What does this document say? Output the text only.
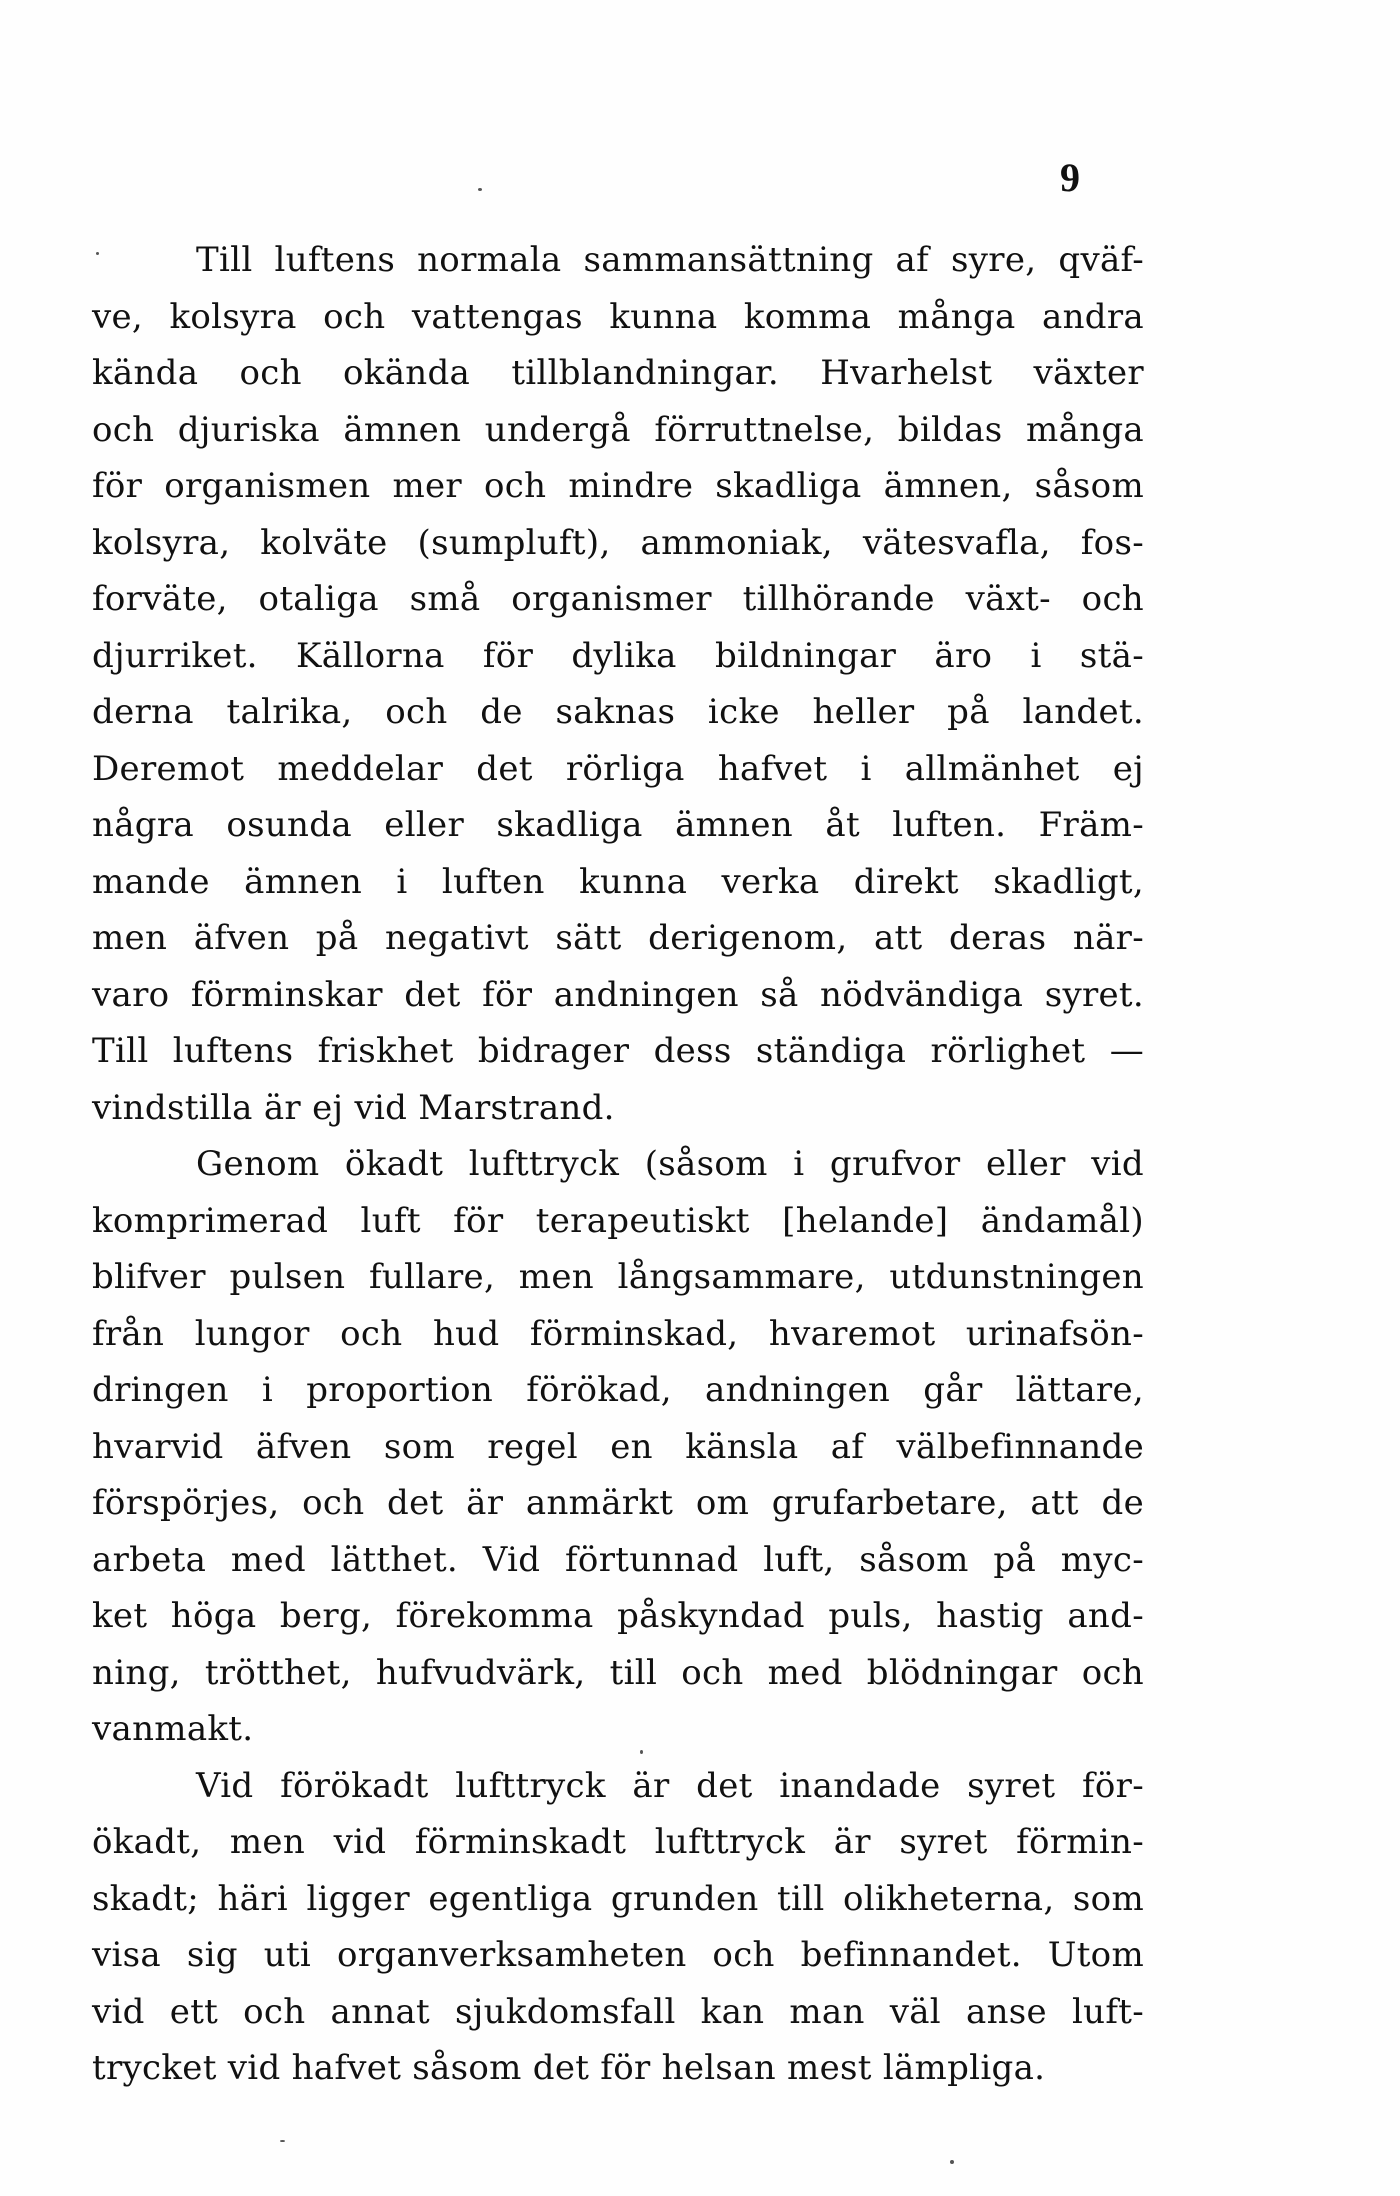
9
Till luftens normala sammansättning af syre, qväf-
ve, kolsyra och vattengas kunna komma många andra
kända och okända tillblandningar. Hvarhelst växter
och djuriska ämnen undergå förruttnelse, bildas många
för organismen mer och mindre skadliga ämnen, såsom
kolsyra, kolväte (sumpluft), ammoniak, vätesvafla, fos-
forväte, otaliga små organismer tillhörande växt- och
djurriket. Källorna för dylika bildningar äro i stä-
derna talrika, och de saknas icke heller på landet.
Deremot meddelar det rörliga hafvet i allmänhet ej
några osunda eller skadliga ämnen åt luften. Främ-
mande ämnen i luften kunna verka direkt skadligt,
men äfven på negativt sätt derigenom, att deras när-
varo förminskar det för andningen så nödvändiga syret.
Till luftens friskhet bidrager dess ständiga rörlighet —
vindstilla är ej vid Marstrand.
Genom ökadt lufttryck (såsom i grufvor eller vid
komprimerad luft för terapeutiskt [helande] ändamål)
blifver pulsen fullare, men långsammare, utdunstningen
från lungor och hud förminskad, hvaremot urinafsön-
dringen i proportion förökad, andningen går lättare,
hvarvid äfven som regel en känsla af välbefinnande
förspörjes, och det är anmärkt om grufarbetare, att de
arbeta med lätthet. Vid förtunnad luft, såsom på myc-
ket höga berg, förekomma påskyndad puls, hastig and-
ning, trötthet, hufvudvärk, till och med blödningar och
vanmakt.
Vid förökadt lufttryck är det inandade syret för-
ökadt, men vid förminskadt lufttryck är syret förmin-
skadt; häri ligger egentliga grunden till olikheterna, som
visa sig uti organverksamheten och befinnandet. Utom
vid ett och annat sjukdomsfall kan man väl anse luft-
trycket vid hafvet såsom det för helsan mest lämpliga.
